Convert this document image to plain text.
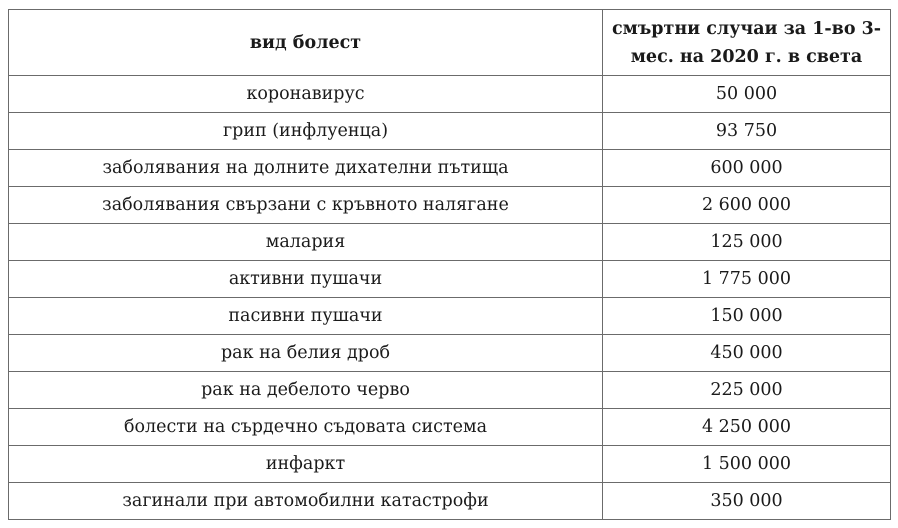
вид болест	смъртни случаи за 1-во 3-мес. на 2020 г. в света
коронавирус	50 000
грип (инфлуенца)	93 750
заболявания на долните дихателни пътища	600 000
заболявания свързани с кръвното налягане	2 600 000
малария	125 000
активни пушачи	1 775 000
пасивни пушачи	150 000
рак на белия дроб	450 000
рак на дебелото черво	225 000
болести на сърдечно съдовата система	4 250 000
инфаркт	1 500 000
загинали при автомобилни катастрофи	350 000
